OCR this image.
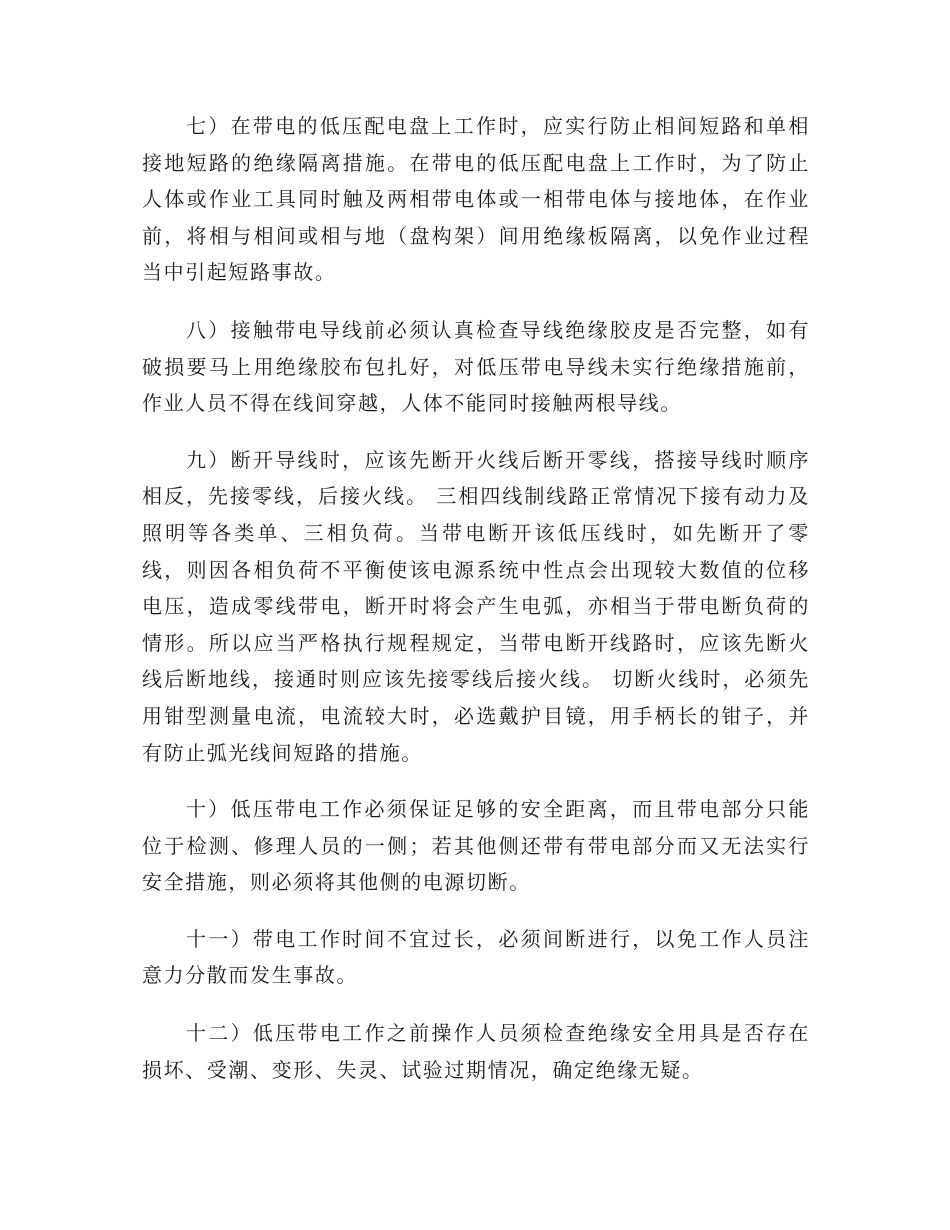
七）在带电的低压配电盘上工作时，应实行防止相间短路和单相接地短路的绝缘隔离措施。在带电的低压配电盘上工作时，为了防止人体或作业工具同时触及两相带电体或一相带电体与接地体，在作业前，将相与相间或相与地（盘构架）间用绝缘板隔离，以免作业过程当中引起短路事故。

八）接触带电导线前必须认真检查导线绝缘胶皮是否完整，如有破损要马上用绝缘胶布包扎好，对低压带电导线未实行绝缘措施前，作业人员不得在线间穿越，人体不能同时接触两根导线。

九）断开导线时，应该先断开火线后断开零线，搭接导线时顺序相反，先接零线，后接火线。 三相四线制线路正常情况下接有动力及照明等各类单、三相负荷。当带电断开该低压线时，如先断开了零线，则因各相负荷不平衡使该电源系统中性点会出现较大数值的位移电压，造成零线带电，断开时将会产生电弧，亦相当于带电断负荷的情形。所以应当严格执行规程规定，当带电断开线路时，应该先断火线后断地线，接通时则应该先接零线后接火线。 切断火线时，必须先用钳型测量电流，电流较大时，必选戴护目镜，用手柄长的钳子，并有防止弧光线间短路的措施。

十）低压带电工作必须保证足够的安全距离，而且带电部分只能位于检测、修理人员的一侧；若其他侧还带有带电部分而又无法实行安全措施，则必须将其他侧的电源切断。

十一）带电工作时间不宜过长，必须间断进行，以免工作人员注意力分散而发生事故。

十二）低压带电工作之前操作人员须检查绝缘安全用具是否存在损坏、受潮、变形、失灵、试验过期情况，确定绝缘无疑。
